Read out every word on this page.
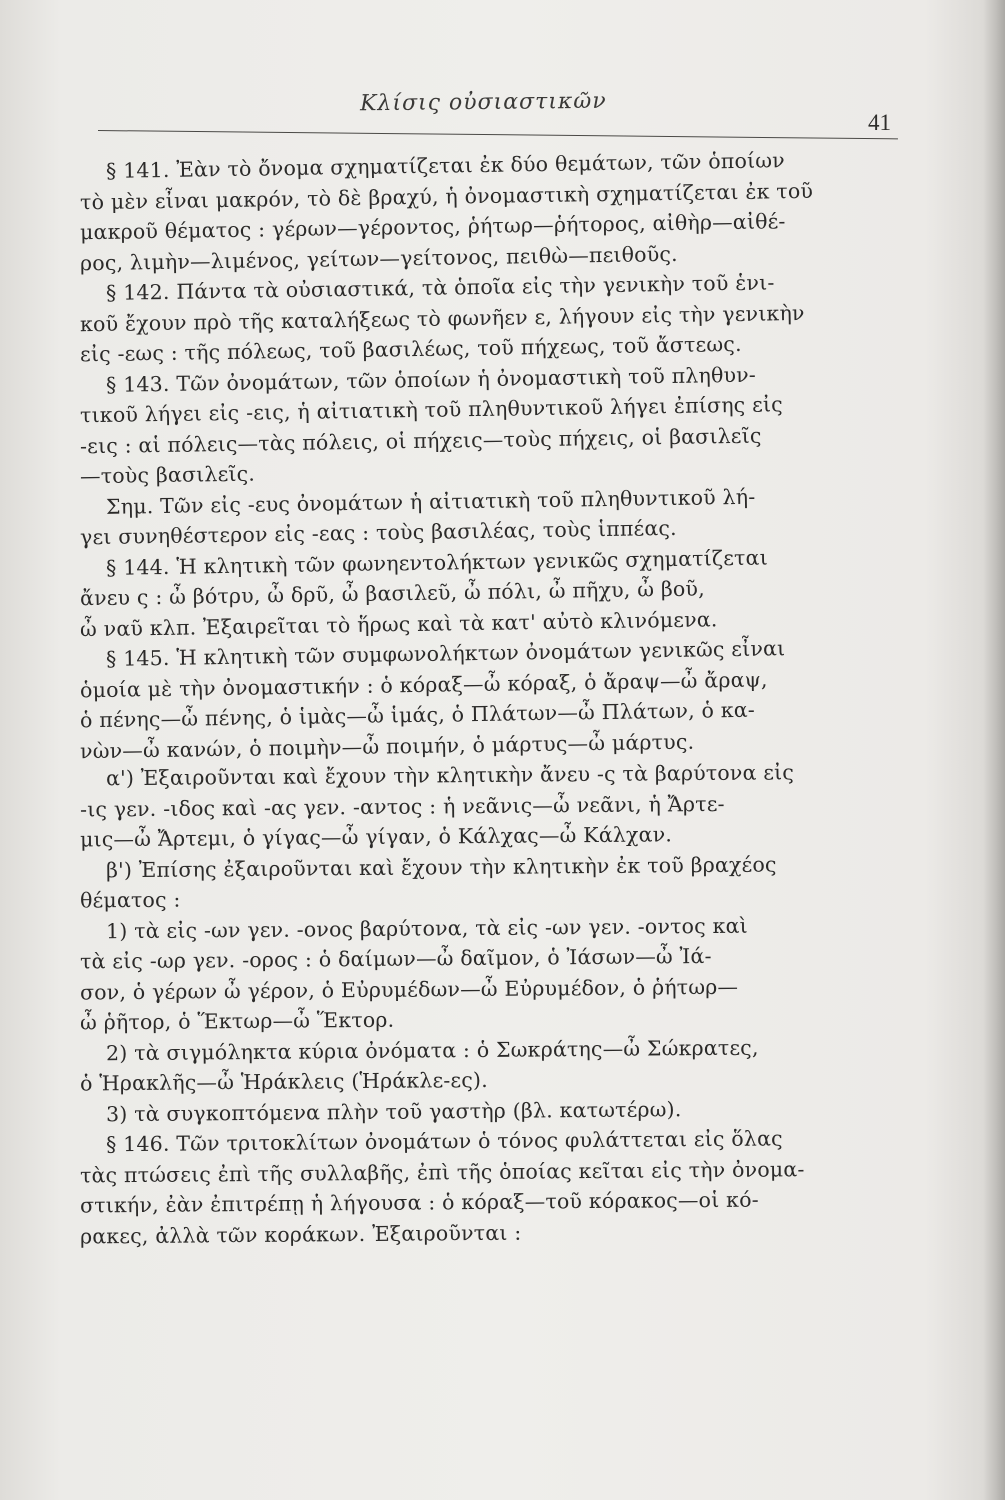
Κλίσις οὐσιαστικῶν
41
§ 141. Ἐὰν τὸ ὄνομα σχηματίζεται ἐκ δύο θεμάτων, τῶν ὁποίων
τὸ μὲν εἶναι μακρόν, τὸ δὲ βραχύ, ἡ ὀνομαστικὴ σχηματίζεται ἐκ τοῦ
μακροῦ θέματος : γέρων—γέροντος, ῥήτωρ—ῥήτορος, αἰθὴρ—αἰθέ-
ρος, λιμὴν—λιμένος, γείτων—γείτονος, πειθὼ—πειθοῦς.
§ 142. Πάντα τὰ οὐσιαστικά, τὰ ὁποῖα εἰς τὴν γενικὴν τοῦ ἑνι-
κοῦ ἔχουν πρὸ τῆς καταλήξεως τὸ φωνῆεν ε, λήγουν εἰς τὴν γενικὴν
εἰς -εως : τῆς πόλεως, τοῦ βασιλέως, τοῦ πήχεως, τοῦ ἄστεως.
§ 143. Τῶν ὀνομάτων, τῶν ὁποίων ἡ ὀνομαστικὴ τοῦ πληθυν-
τικοῦ λήγει εἰς -εις, ἡ αἰτιατικὴ τοῦ πληθυντικοῦ λήγει ἐπίσης εἰς
-εις : αἱ πόλεις—τὰς πόλεις, οἱ πήχεις—τοὺς πήχεις, οἱ βασιλεῖς
—τοὺς βασιλεῖς.
Σημ. Τῶν εἰς -ευς ὀνομάτων ἡ αἰτιατικὴ τοῦ πληθυντικοῦ λή-
γει συνηθέστερον εἰς -εας : τοὺς βασιλέας, τοὺς ἱππέας.
§ 144. Ἡ κλητικὴ τῶν φωνηεντολήκτων γενικῶς σχηματίζεται
ἄνευ ς : ὦ βότρυ, ὦ δρῦ, ὦ βασιλεῦ, ὦ πόλι, ὦ πῆχυ, ὦ βοῦ,
ὦ ναῦ κλπ. Ἐξαιρεῖται τὸ ἥρως καὶ τὰ κατ' αὐτὸ κλινόμενα.
§ 145. Ἡ κλητικὴ τῶν συμφωνολήκτων ὀνομάτων γενικῶς εἶναι
ὁμοία μὲ τὴν ὀνομαστικήν : ὁ κόραξ—ὦ κόραξ, ὁ ἄραψ—ὦ ἄραψ,
ὁ πένης—ὦ πένης, ὁ ἱμὰς—ὦ ἱμάς, ὁ Πλάτων—ὦ Πλάτων, ὁ κα-
νὼν—ὦ κανών, ὁ ποιμὴν—ὦ ποιμήν, ὁ μάρτυς—ὦ μάρτυς.
α') Ἐξαιροῦνται καὶ ἔχουν τὴν κλητικὴν ἄνευ -ς τὰ βαρύτονα εἰς
-ις γεν. -ιδος καὶ -ας γεν. -αντος : ἡ νεᾶνις—ὦ νεᾶνι, ἡ Ἄρτε-
μις—ὦ Ἄρτεμι, ὁ γίγας—ὦ γίγαν, ὁ Κάλχας—ὦ Κάλχαν.
β') Ἐπίσης ἐξαιροῦνται καὶ ἔχουν τὴν κλητικὴν ἐκ τοῦ βραχέος
θέματος :
1) τὰ εἰς -ων γεν. -ονος βαρύτονα, τὰ εἰς -ων γεν. -οντος καὶ
τὰ εἰς -ωρ γεν. -ορος : ὁ δαίμων—ὦ δαῖμον, ὁ Ἰάσων—ὦ Ἰά-
σον, ὁ γέρων ὦ γέρον, ὁ Εὐρυμέδων—ὦ Εὐρυμέδον, ὁ ῥήτωρ—
ὦ ῥῆτορ, ὁ Ἕκτωρ—ὦ Ἕκτορ.
2) τὰ σιγμόληκτα κύρια ὀνόματα : ὁ Σωκράτης—ὦ Σώκρατες,
ὁ Ἡρακλῆς—ὦ Ἡράκλεις (Ἡράκλε-ες).
3) τὰ συγκοπτόμενα πλὴν τοῦ γαστὴρ (βλ. κατωτέρω).
§ 146. Τῶν τριτοκλίτων ὀνομάτων ὁ τόνος φυλάττεται εἰς ὅλας
τὰς πτώσεις ἐπὶ τῆς συλλαβῆς, ἐπὶ τῆς ὁποίας κεῖται εἰς τὴν ὀνομα-
στικήν, ἐὰν ἐπιτρέπῃ ἡ λήγουσα : ὁ κόραξ—τοῦ κόρακος—οἱ κό-
ρακες, ἀλλὰ τῶν κοράκων. Ἐξαιροῦνται :
